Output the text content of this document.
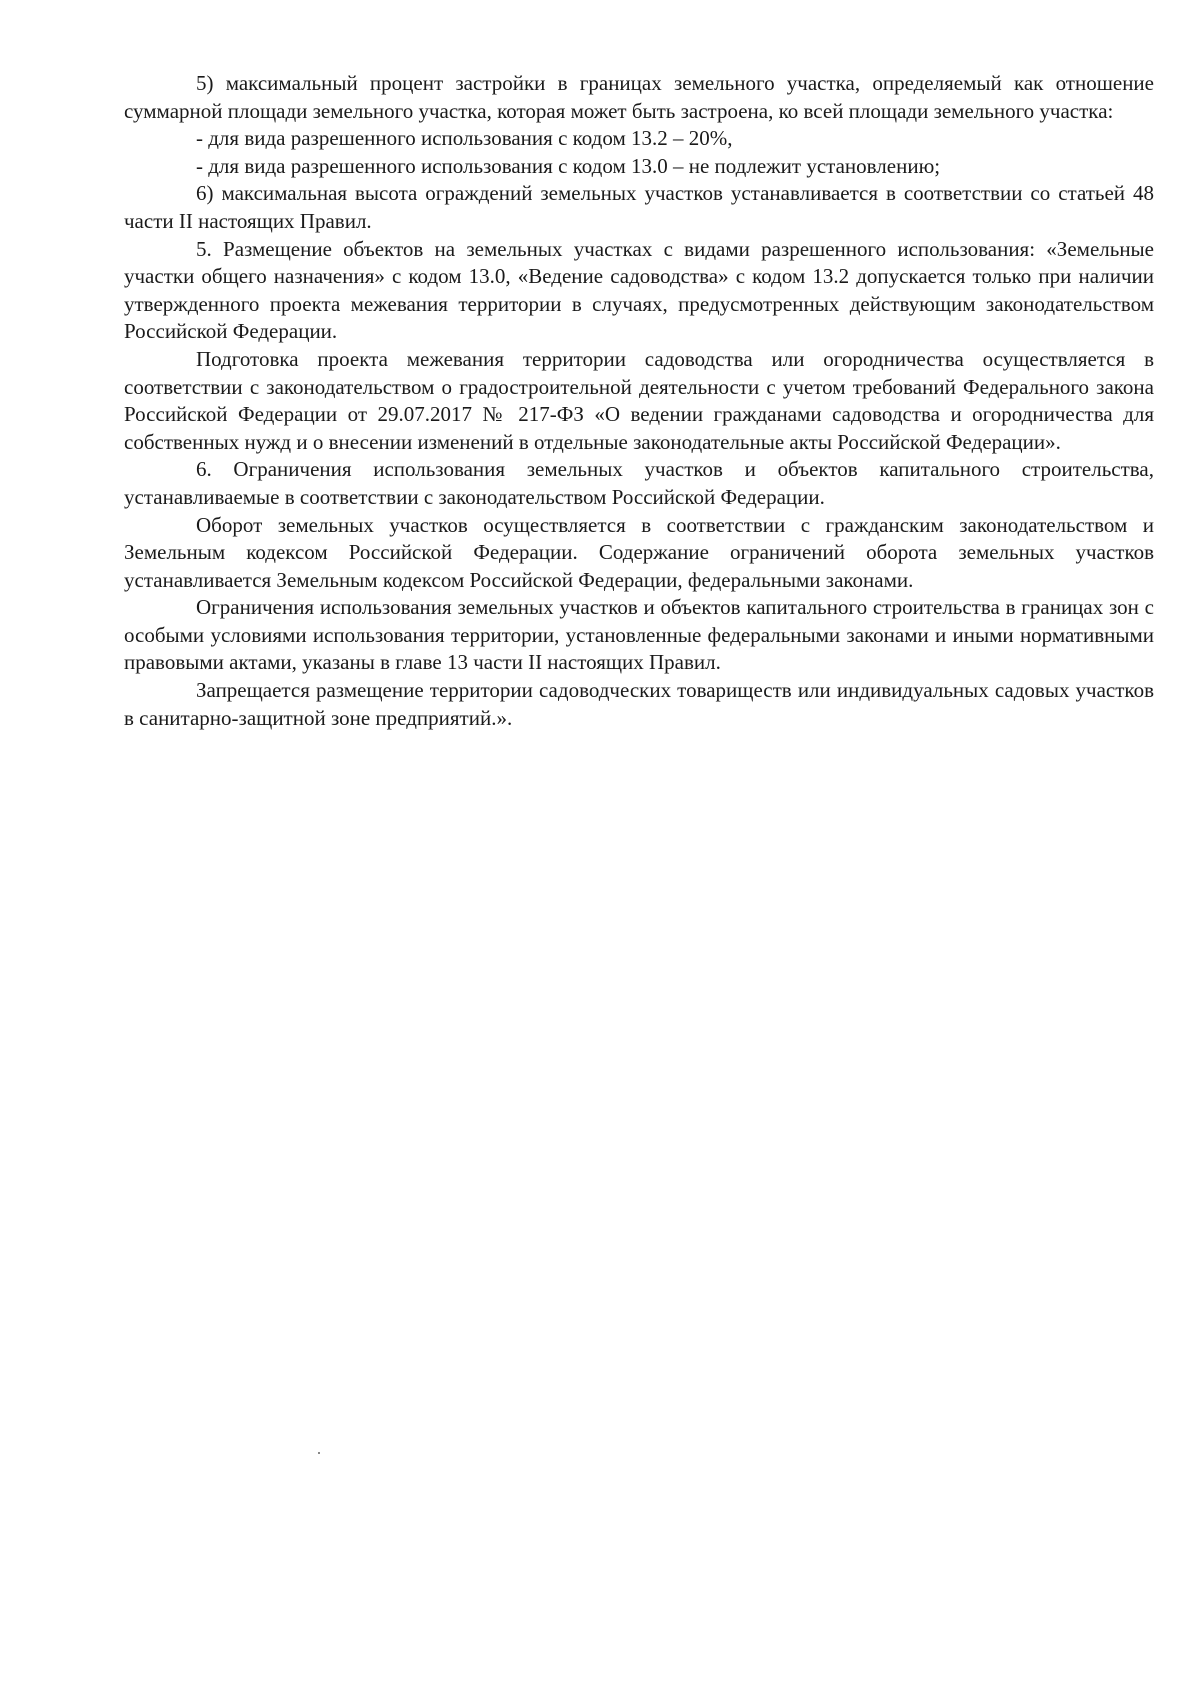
5) максимальный процент застройки в границах земельного участка, определяемый как отношение суммарной площади земельного участка, которая может быть застроена, ко всей площади земельного участка:

- для вида разрешенного использования с кодом 13.2 – 20%,

- для вида разрешенного использования с кодом 13.0 – не подлежит установлению;

6) максимальная высота ограждений земельных участков устанавливается в соответствии со статьей 48 части II настоящих Правил.

5. Размещение объектов на земельных участках с видами разрешенного использования: «Земельные участки общего назначения» с кодом 13.0, «Ведение садоводства» с кодом 13.2 допускается только при наличии утвержденного проекта межевания территории в случаях, предусмотренных действующим законодательством Российской Федерации.

Подготовка проекта межевания территории садоводства или огородничества осуществляется в соответствии с законодательством о градостроительной деятельности с учетом требований Федерального закона Российской Федерации от 29.07.2017 № 217-ФЗ «О ведении гражданами садоводства и огородничества для собственных нужд и о внесении изменений в отдельные законодательные акты Российской Федерации».

6. Ограничения использования земельных участков и объектов капитального строительства, устанавливаемые в соответствии с законодательством Российской Федерации.

Оборот земельных участков осуществляется в соответствии с гражданским законодательством и Земельным кодексом Российской Федерации. Содержание ограничений оборота земельных участков устанавливается Земельным кодексом Российской Федерации, федеральными законами.

Ограничения использования земельных участков и объектов капитального строительства в границах зон с особыми условиями использования территории, установленные федеральными законами и иными нормативными правовыми актами, указаны в главе 13 части II настоящих Правил.

Запрещается размещение территории садоводческих товариществ или индивидуальных садовых участков в санитарно-защитной зоне предприятий.».
